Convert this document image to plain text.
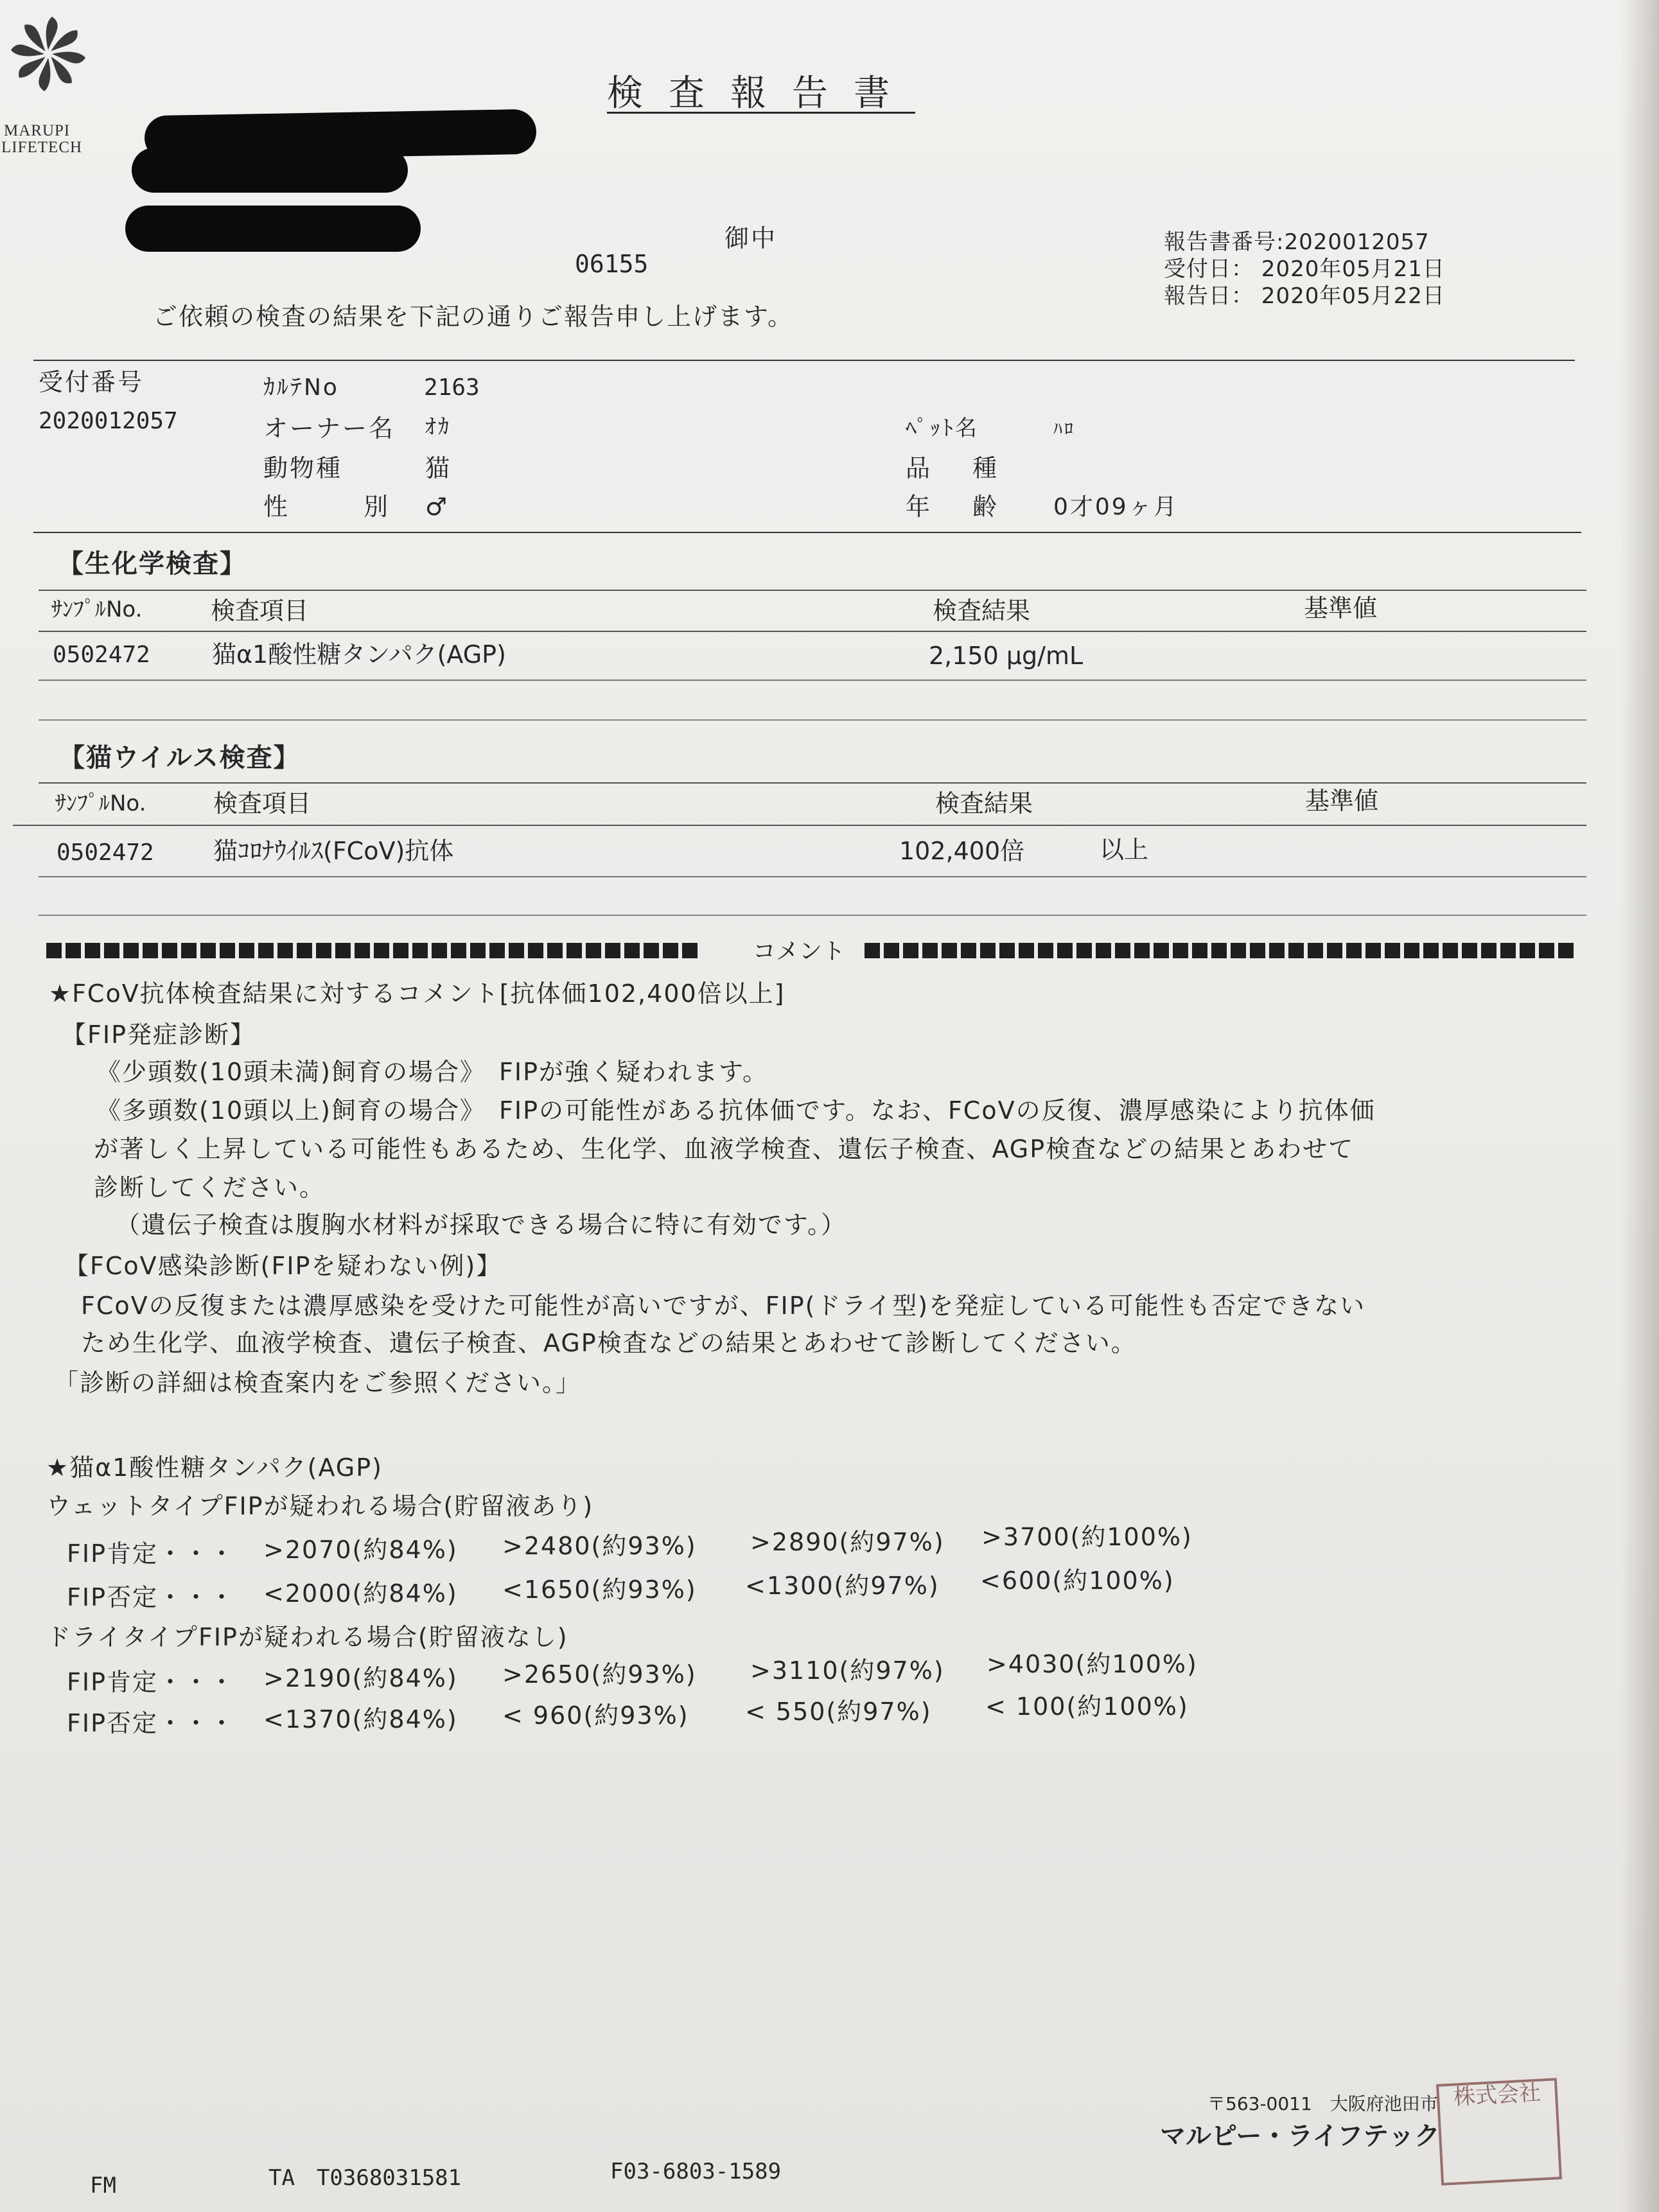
MARUPI
LIFETECH
検査報告書
御中
06155
報告書番号:2020012057
受付日： 2020年05月21日
報告日： 2020年05月22日
ご依頼の検査の結果を下記の通りご報告申し上げます。
受付番号
2020012057
ｶﾙﾃNo	2163
オーナー名 ｵｶ
動物種	猫
性　別 ♂
ﾍﾟｯﾄ名	ﾊﾛ
品　種
年　齢 0才09ヶ月
【生化学検査】
ｻﾝﾌﾟﾙNo.	検査項目	検査結果	基準値
0502472	猫α1酸性糖タンパク(AGP)	2,150 μg/mL
【猫ウイルス検査】
ｻﾝﾌﾟﾙNo.	検査項目	検査結果	基準値
0502472 猫ｺﾛﾅｳｲﾙｽ(FCoV)抗体	102,400倍	以上
コメント
★FCoV抗体検査結果に対するコメント[抗体価102,400倍以上]
【FIP発症診断】
《少頭数(10頭未満)飼育の場合》　FIPが強く疑われます。
《多頭数(10頭以上)飼育の場合》　FIPの可能性がある抗体価です。なお、FCoVの反復、濃厚感染により抗体価
が著しく上昇している可能性もあるため、生化学、血液学検査、遺伝子検査、AGP検査などの結果とあわせて
診断してください。
（遺伝子検査は腹胸水材料が採取できる場合に特に有効です。）
【FCoV感染診断(FIPを疑わない例)】
FCoVの反復または濃厚感染を受けた可能性が高いですが、FIP(ドライ型)を発症している可能性も否定できない
ため生化学、血液学検査、遺伝子検査、AGP検査などの結果とあわせて診断してください。
「診断の詳細は検査案内をご参照ください。」
★猫α1酸性糖タンパク(AGP)
ウェットタイプFIPが疑われる場合(貯留液あり)
FIP肯定・・・ >2070(約84%) >2480(約93%) >2890(約97%) >3700(約100%)
FIP否定・・・ <2000(約84%) <1650(約93%) <1300(約97%) <600(約100%)
ドライタイプFIPが疑われる場合(貯留液なし)
FIP肯定・・・ >2190(約84%) >2650(約93%) >3110(約97%) >4030(約100%)
FIP否定・・・ <1370(約84%) < 960(約93%) < 550(約97%) < 100(約100%)
〒563-0011　大阪府池田市
マルピー・ライフテック
株式会社
FM	TA　T0368031581	F03-6803-1589
